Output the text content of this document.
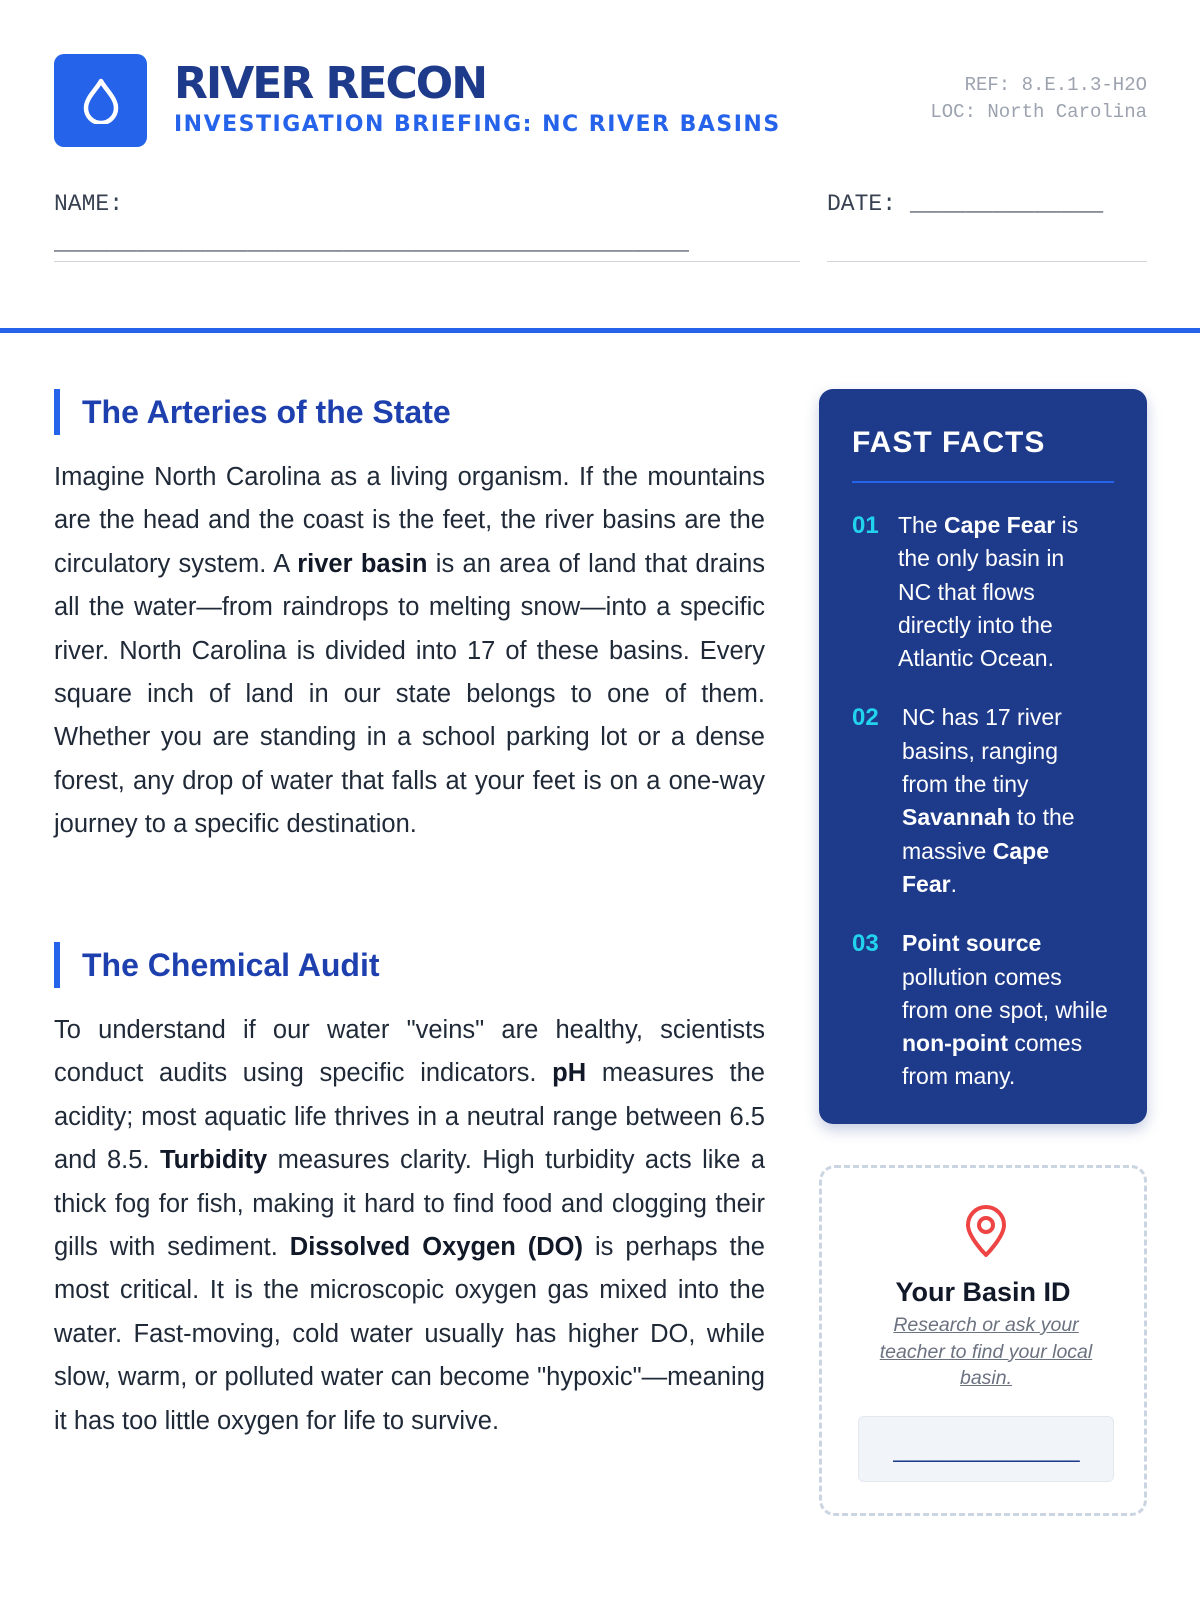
RIVER RECON
INVESTIGATION BRIEFING: NC RIVER BASINS
REF: 8.E.1.3-H2O
LOC: North Carolina
NAME:
______________________________________________
DATE: ______________
The Arteries of the State
Imagine North Carolina as a living organism. If the mountains are the head and the coast is the feet, the river basins are the circulatory system. A river basin is an area of land that drains all the water—from raindrops to melting snow—into a specific river. North Carolina is divided into 17 of these basins. Every square inch of land in our state belongs to one of them. Whether you are standing in a school parking lot or a dense forest, any drop of water that falls at your feet is on a one-way journey to a specific destination.
The Chemical Audit
To understand if our water "veins" are healthy, scientists conduct audits using specific indicators. pH measures the acidity; most aquatic life thrives in a neutral range between 6.5 and 8.5. Turbidity measures clarity. High turbidity acts like a thick fog for fish, making it hard to find food and clogging their gills with sediment. Dissolved Oxygen (DO) is perhaps the most critical. It is the microscopic oxygen gas mixed into the water. Fast-moving, cold water usually has higher DO, while slow, warm, or polluted water can become "hypoxic"—meaning it has too little oxygen for life to survive.
FAST FACTS
01 The Cape Fear is the only basin in NC that flows directly into the Atlantic Ocean.
02	NC has 17 river basins, ranging from the tiny Savannah to the massive Cape Fear.
03	Point source pollution comes from one spot, while non-point comes from many.
Your Basin ID
Research or ask your teacher to find your local basin.
_______________
